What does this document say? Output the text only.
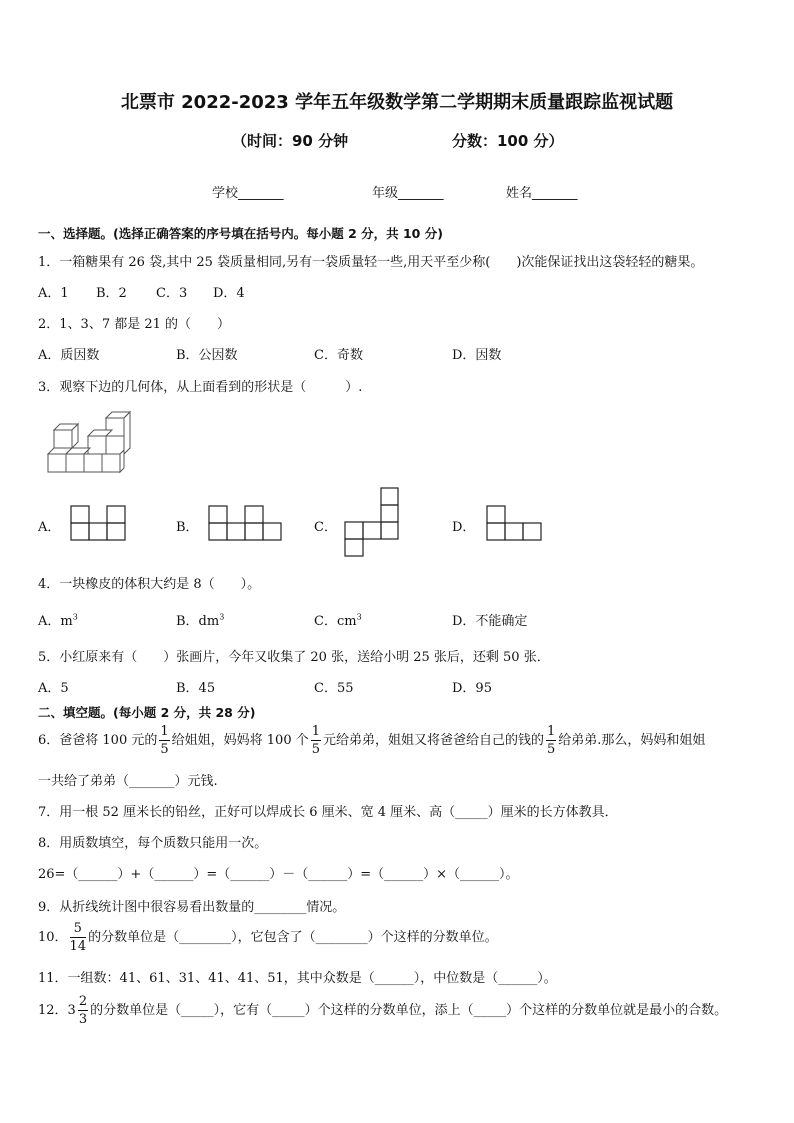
北票市 2022-2023 学年五年级数学第二学期期末质量跟踪监视试题
（时间：90 分钟	分数：100 分）
学校_______	年级_______	姓名_______
一、选择题。(选择正确答案的序号填在括号内。每小题 2 分，共 10 分)
1．一箱糖果有 26 袋,其中 25 袋质量相同,另有一袋质量轻一些,用天平至少称(　　)次能保证找出这袋轻轻的糖果。
A．1 B．2 C．3 D．4
2．1、3、7 都是 21 的（　　）
A．质因数	B．公因数	C．奇数	D．因数
3．观察下边的几何体，从上面看到的形状是（　　　）.
A．	B．	C．	D．
4．一块橡皮的体积大约是 8（　　）。
A．$m^3$	B．$dm^3$	C．$cm^3$	D．不能确定
5．小红原来有（　　）张画片，今年又收集了 20 张，送给小明 25 张后，还剩 50 张．
A．5	B．45	C．55	D．95
二、填空题。(每小题 2 分，共 28 分)
6．爸爸将 100 元的 $\frac{1}{5}$ 给姐姐，妈妈将 100 个 $\frac{1}{5}$ 元给弟弟，姐姐又将爸爸给自己的钱的 $\frac{1}{5}$ 给弟弟.那么，妈妈和姐姐
一共给了弟弟（_______）元钱.
7．用一根 52 厘米长的铅丝，正好可以焊成长 6 厘米、宽 4 厘米、高（_____）厘米的长方体教具．
8．用质数填空，每个质数只能用一次。
26=（______）+（______）=（______）－（______）=（______）×（______）。
9．从折线统计图中很容易看出数量的________情况。
10． $\frac{5}{14}$ 的分数单位是（________），它包含了（________）个这样的分数单位。
11．一组数：41、61、31、41、41、51，其中众数是（______），中位数是（______）。
12．$3 \frac{2}{3}$ 的分数单位是（_____），它有（_____）个这样的分数单位，添上（_____）个这样的分数单位就是最小的合数。
